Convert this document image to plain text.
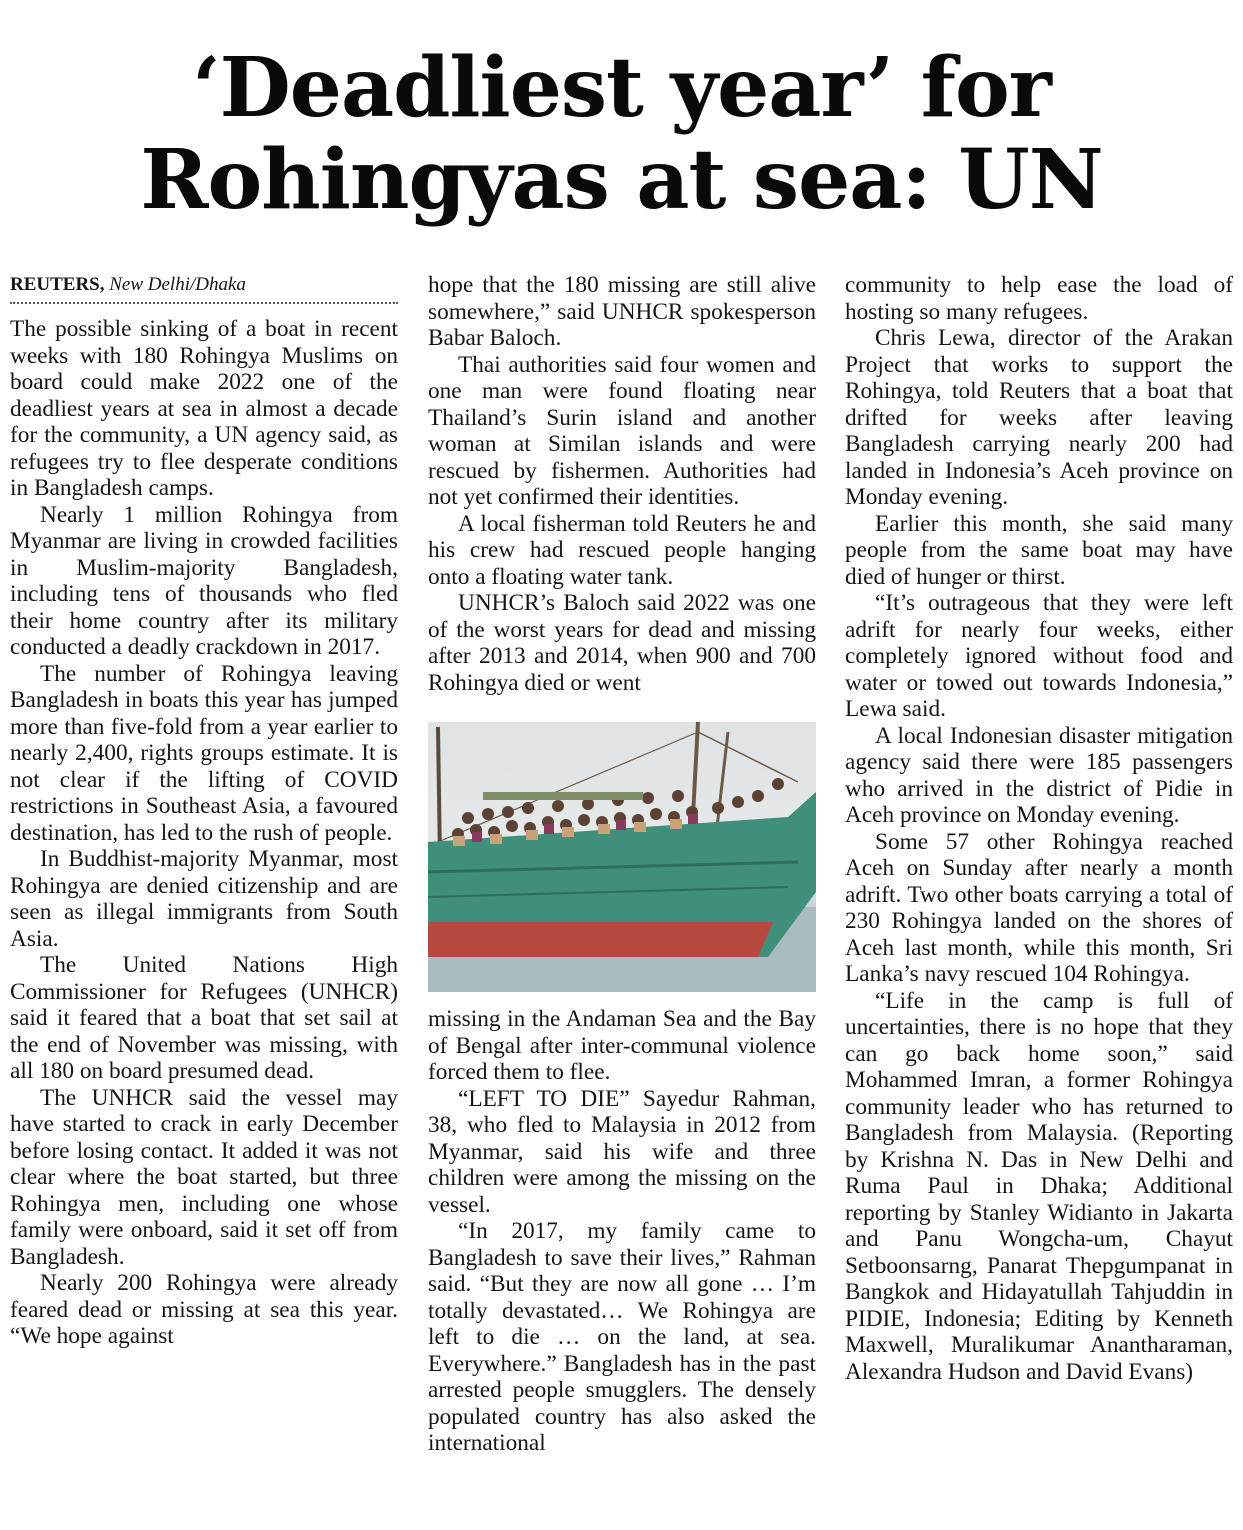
‘Deadliest year’ for
Rohingyas at sea: UN
REUTERS, New Delhi/Dhaka

The possible sinking of a boat in recent weeks with 180 Rohingya Muslims on board could make 2022 one of the deadliest years at sea in almost a decade for the community, a UN agency said, as refugees try to flee desperate conditions in Bangladesh camps.

Nearly 1 million Rohingya from Myanmar are living in crowded facilities in Muslim-majority Bangladesh, including tens of thousands who fled their home country after its military conducted a deadly crackdown in 2017.

The number of Rohingya leaving Bangladesh in boats this year has jumped more than five-fold from a year earlier to nearly 2,400, rights groups estimate. It is not clear if the lifting of COVID restrictions in Southeast Asia, a favoured destination, has led to the rush of people.

In Buddhist-majority Myanmar, most Rohingya are denied citizenship and are seen as illegal immigrants from South Asia.

The United Nations High Commissioner for Refugees (UNHCR) said it feared that a boat that set sail at the end of November was missing, with all 180 on board presumed dead.

The UNHCR said the vessel may have started to crack in early December before losing contact. It added it was not clear where the boat started, but three Rohingya men, including one whose family were onboard, said it set off from Bangladesh.

Nearly 200 Rohingya were already feared dead or missing at sea this year. “We hope against

hope that the 180 missing are still alive somewhere,” said UNHCR spokesperson Babar Baloch.

Thai authorities said four women and one man were found floating near Thailand’s Surin island and another woman at Similan islands and were rescued by fishermen. Authorities had not yet confirmed their identities.

A local fisherman told Reuters he and his crew had rescued people hanging onto a floating water tank.

UNHCR’s Baloch said 2022 was one of the worst years for dead and missing after 2013 and 2014, when 900 and 700 Rohingya died or went

missing in the Andaman Sea and the Bay of Bengal after inter-communal violence forced them to flee.

“LEFT TO DIE” Sayedur Rahman, 38, who fled to Malaysia in 2012 from Myanmar, said his wife and three children were among the missing on the vessel.

“In 2017, my family came to Bangladesh to save their lives,” Rahman said. “But they are now all gone … I’m totally devastated… We Rohingya are left to die … on the land, at sea. Everywhere.” Bangladesh has in the past arrested people smugglers. The densely populated country has also asked the international

community to help ease the load of hosting so many refugees.

Chris Lewa, director of the Arakan Project that works to support the Rohingya, told Reuters that a boat that drifted for weeks after leaving Bangladesh carrying nearly 200 had landed in Indonesia’s Aceh province on Monday evening.

Earlier this month, she said many people from the same boat may have died of hunger or thirst.

“It’s outrageous that they were left adrift for nearly four weeks, either completely ignored without food and water or towed out towards Indonesia,” Lewa said.

A local Indonesian disaster mitigation agency said there were 185 passengers who arrived in the district of Pidie in Aceh province on Monday evening.

Some 57 other Rohingya reached Aceh on Sunday after nearly a month adrift. Two other boats carrying a total of 230 Rohingya landed on the shores of Aceh last month, while this month, Sri Lanka’s navy rescued 104 Rohingya.

“Life in the camp is full of uncertainties, there is no hope that they can go back home soon,” said Mohammed Imran, a former Rohingya community leader who has returned to Bangladesh from Malaysia. (Reporting by Krishna N. Das in New Delhi and Ruma Paul in Dhaka; Additional reporting by Stanley Widianto in Jakarta and Panu Wongcha-um, Chayut Setboonsarng, Panarat Thepgumpanat in Bangkok and Hidayatullah Tahjuddin in PIDIE, Indonesia; Editing by Kenneth Maxwell, Muralikumar Anantharaman, Alexandra Hudson and David Evans)
